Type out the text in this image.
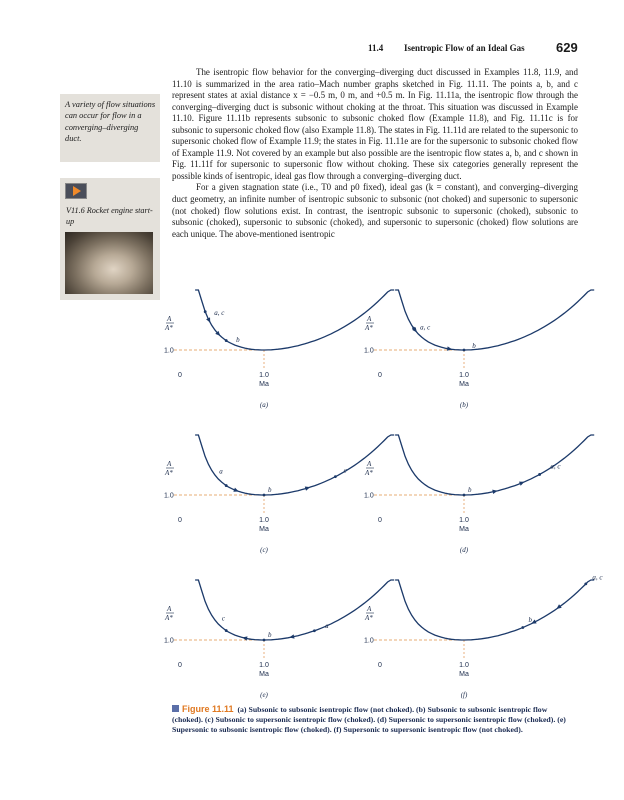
11.4 Isentropic Flow of an Ideal Gas 629

A variety of flow situations can occur for flow in a converging–diverging duct.

V11.6 Rocket engine start-up

The isentropic flow behavior for the converging–diverging duct discussed in Examples 11.8, 11.9, and 11.10 is summarized in the area ratio–Mach number graphs sketched in Fig. 11.11. The points a, b, and c represent states at axial distance x = −0.5 m, 0 m, and +0.5 m. In Fig. 11.11a, the isentropic flow through the converging–diverging duct is subsonic without choking at the throat. This situation was discussed in Example 11.10. Figure 11.11b represents subsonic to subsonic choked flow (Example 11.8), and Fig. 11.11c is for subsonic to supersonic choked flow (also Example 11.8). The states in Fig. 11.11d are related to the supersonic to supersonic choked flow of Example 11.9; the states in Fig. 11.11e are for the supersonic to subsonic choked flow of Example 11.9. Not covered by an example but also possible are the isentropic flow states a, b, and c shown in Fig. 11.11f for supersonic to supersonic flow without choking. These six categories generally represent the possible kinds of isentropic, ideal gas flow through a converging–diverging duct.

For a given stagnation state (i.e., T0 and p0 fixed), ideal gas (k = constant), and converging–diverging duct geometry, an infinite number of isentropic subsonic to subsonic (not choked) and supersonic to supersonic (not choked) flow solutions exist. In contrast, the isentropic subsonic to supersonic (choked), subsonic to subsonic (choked), supersonic to subsonic (choked), and supersonic to supersonic (choked) flow solutions are each unique. The above-mentioned isentropic

A
A*
1.0
0	1.0
Ma
(a)
a, c
b
A
A*
1.0
0	1.0
Ma
(b)
a, c
b
A
A*
1.0
0	1.0
Ma
(c)
a
b
c
A
A*
1.0
0	1.0
Ma
(d)
b
a, c
A
A*
1.0
0	1.0
Ma
(e)
c
b
a
A
A*
1.0
0	1.0
Ma
(f)
a, c
b
Figure 11.11 (a) Subsonic to subsonic isentropic flow (not choked). (b) Subsonic to subsonic isentropic flow (choked). (c) Subsonic to supersonic isentropic flow (choked). (d) Supersonic to supersonic isentropic flow (choked). (e) Supersonic to subsonic isentropic flow (choked). (f) Supersonic to supersonic isentropic flow (not choked).
